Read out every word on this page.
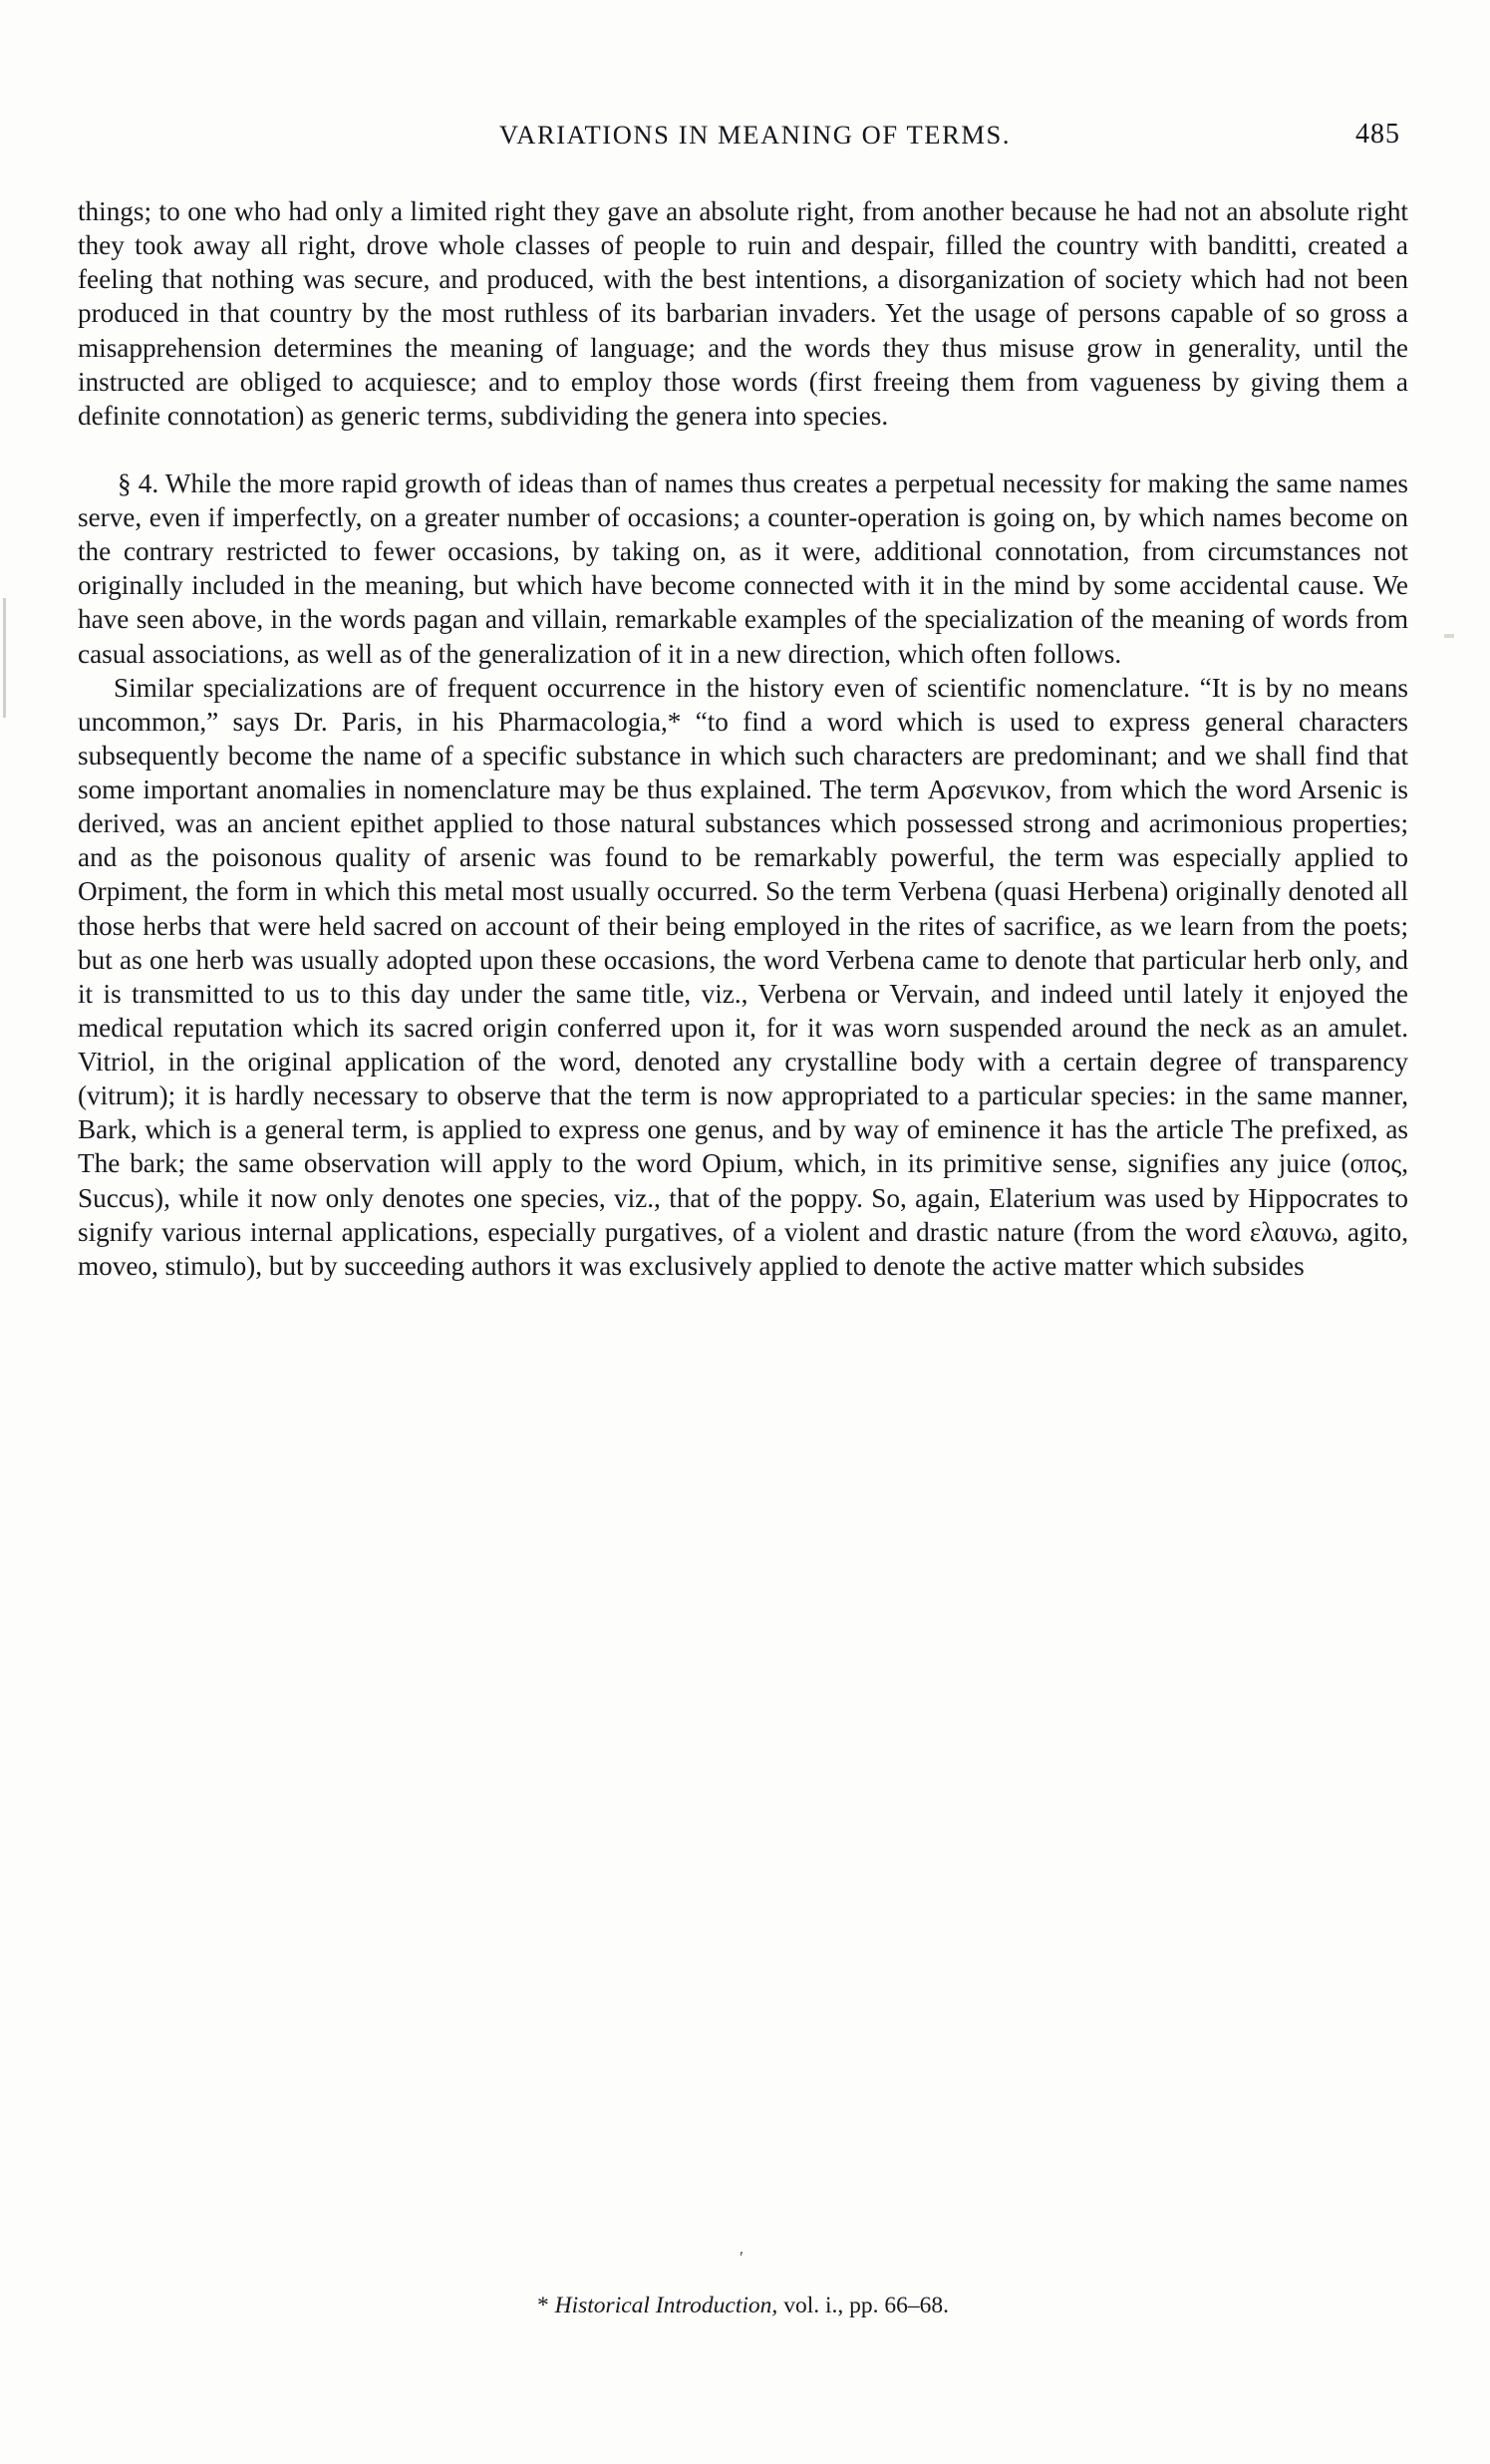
VARIATIONS IN MEANING OF TERMS.	485

things; to one who had only a limited right they gave an absolute right, from another because he had not an absolute right they took away all right, drove whole classes of people to ruin and despair, filled the country with banditti, created a feeling that nothing was secure, and produced, with the best intentions, a disorganization of society which had not been produced in that country by the most ruthless of its barbarian invaders. Yet the usage of persons capable of so gross a misapprehension determines the meaning of language; and the words they thus misuse grow in generality, until the instructed are obliged to acquiesce; and to employ those words (first freeing them from vagueness by giving them a definite connotation) as generic terms, subdividing the genera into species.

§ 4. While the more rapid growth of ideas than of names thus creates a perpetual necessity for making the same names serve, even if imperfectly, on a greater number of occasions; a counter-operation is going on, by which names become on the contrary restricted to fewer occasions, by taking on, as it were, additional connotation, from circumstances not originally included in the meaning, but which have become connected with it in the mind by some accidental cause. We have seen above, in the words pagan and villain, remarkable examples of the specialization of the meaning of words from casual associations, as well as of the generalization of it in a new direction, which often follows.

Similar specializations are of frequent occurrence in the history even of scientific nomenclature. “It is by no means uncommon,” says Dr. Paris, in his Pharmacologia,* “to find a word which is used to express general characters subsequently become the name of a specific substance in which such characters are predominant; and we shall find that some important anomalies in nomenclature may be thus explained. The term Αρσενικον, from which the word Arsenic is derived, was an ancient epithet applied to those natural substances which possessed strong and acrimonious properties; and as the poisonous quality of arsenic was found to be remarkably powerful, the term was especially applied to Orpiment, the form in which this metal most usually occurred. So the term Verbena (quasi Herbena) originally denoted all those herbs that were held sacred on account of their being employed in the rites of sacrifice, as we learn from the poets; but as one herb was usually adopted upon these occasions, the word Verbena came to denote that particular herb only, and it is transmitted to us to this day under the same title, viz., Verbena or Vervain, and indeed until lately it enjoyed the medical reputation which its sacred origin conferred upon it, for it was worn suspended around the neck as an amulet. Vitriol, in the original application of the word, denoted any crystalline body with a certain degree of transparency (vitrum); it is hardly necessary to observe that the term is now appropriated to a particular species: in the same manner, Bark, which is a general term, is applied to express one genus, and by way of eminence it has the article The prefixed, as The bark; the same observation will apply to the word Opium, which, in its primitive sense, signifies any juice (οπος, Succus), while it now only denotes one species, viz., that of the poppy. So, again, Elaterium was used by Hippocrates to signify various internal applications, especially purgatives, of a violent and drastic nature (from the word ελαυνω, agito, moveo, stimulo), but by succeeding authors it was exclusively applied to denote the active matter which subsides

′
* Historical Introduction, vol. i., pp. 66–68.
